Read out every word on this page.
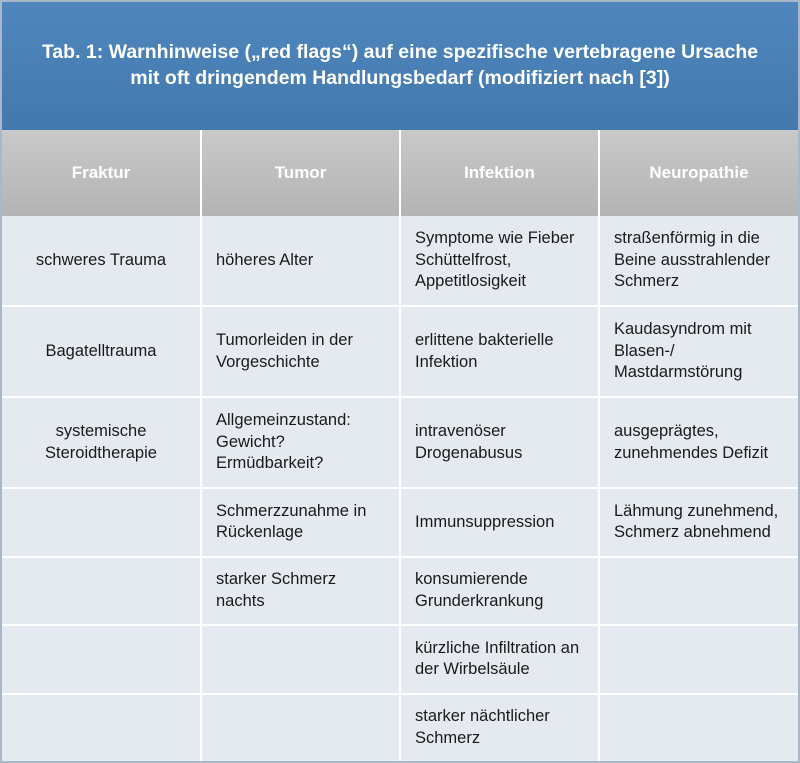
Tab. 1: Warnhinweise („red flags“) auf eine spezifische vertebragene Ursache mit oft dringendem Handlungsbedarf (modifiziert nach [3])
Fraktur	Tumor	Infektion	Neuropathie
schweres Trauma	höheres Alter	Symptome wie Fieber Schüttelfrost, Appetitlosigkeit	straßenförmig in die Beine ausstrahlender Schmerz
Bagatelltrauma	Tumorleiden in der Vorgeschichte	erlittene bakterielle Infektion	Kaudasyndrom mit Blasen-/ Mastdarmstörung
systemische Steroidtherapie	Allgemeinzustand: Gewicht? Ermüdbarkeit?	intravenöser Drogenabusus	ausgeprägtes, zunehmendes Defizit
	Schmerzzunahme in Rückenlage	Immunsuppression	Lähmung zunehmend, Schmerz abnehmend
	starker Schmerz nachts	konsumierende Grunderkrankung	
		kürzliche Infiltration an der Wirbelsäule	
		starker nächtlicher Schmerz	
